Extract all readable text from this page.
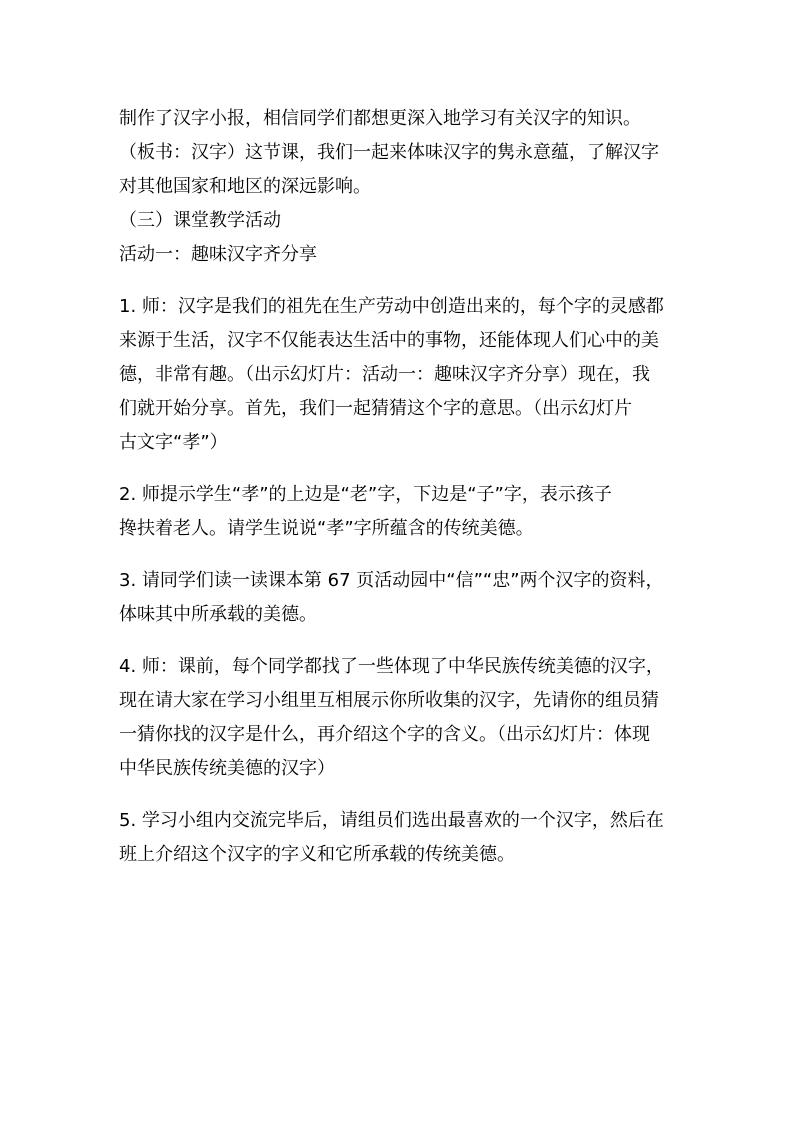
制作了汉字小报，相信同学们都想更深入地学习有关汉字的知识。
（板书：汉字）这节课，我们一起来体味汉字的隽永意蕴，了解汉字
对其他国家和地区的深远影响。
（三）课堂教学活动
活动一：趣味汉字齐分享
1. 师：汉字是我们的祖先在生产劳动中创造出来的，每个字的灵感都
来源于生活，汉字不仅能表达生活中的事物，还能体现人们心中的美
德，非常有趣。（出示幻灯片：活动一：趣味汉字齐分享）现在，我
们就开始分享。首先，我们一起猜猜这个字的意思。（出示幻灯片
古文字“孝”）
2. 师提示学生“孝”的上边是“老”字，下边是“子”字，表示孩子
搀扶着老人。请学生说说“孝”字所蕴含的传统美德。
3. 请同学们读一读课本第 67 页活动园中“信”“忠”两个汉字的资料，
体味其中所承载的美德。
4. 师：课前，每个同学都找了一些体现了中华民族传统美德的汉字，
现在请大家在学习小组里互相展示你所收集的汉字，先请你的组员猜
一猜你找的汉字是什么，再介绍这个字的含义。（出示幻灯片：体现
中华民族传统美德的汉字）
5. 学习小组内交流完毕后，请组员们选出最喜欢的一个汉字，然后在
班上介绍这个汉字的字义和它所承载的传统美德。
